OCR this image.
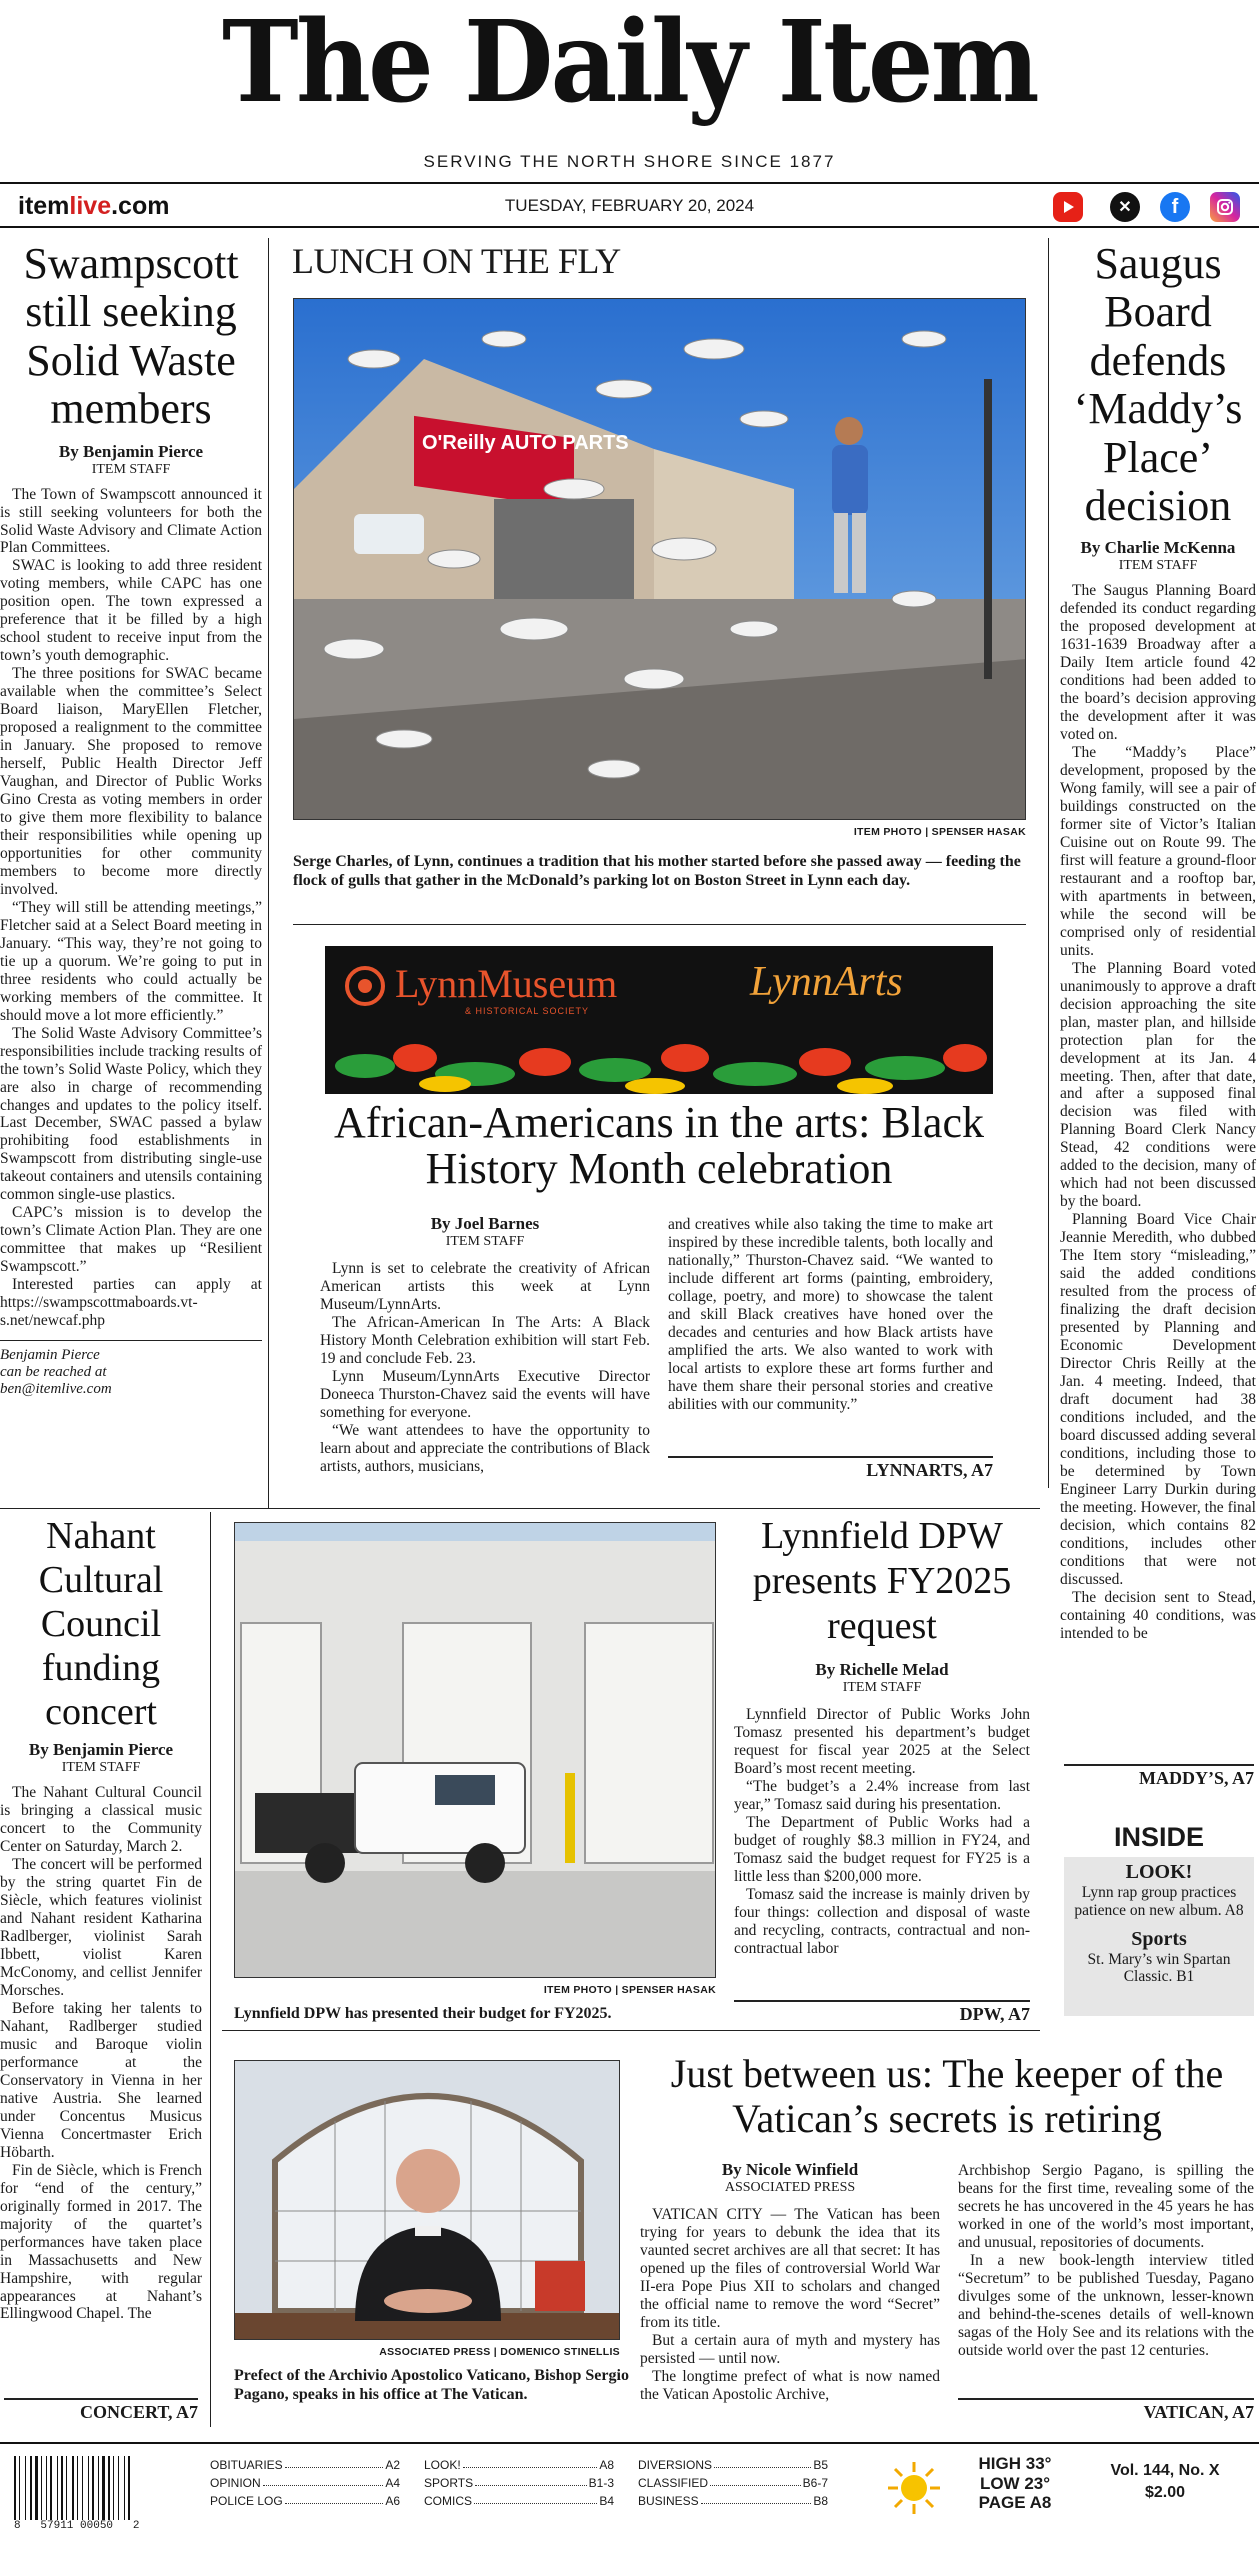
The Daily Item
SERVING THE NORTH SHORE SINCE 1877
itemlive.com	TUESDAY, FEBRUARY 20, 2024	✕	f
Swampscott still seeking Solid Waste members
By Benjamin Pierce
ITEM STAFF

The Town of Swampscott announced it is still seeking volunteers for both the Solid Waste Advisory and Climate Action Plan Committees.

SWAC is looking to add three resident voting members, while CAPC has one position open. The town expressed a preference that it be filled by a high school student to receive input from the town’s youth demographic.

The three positions for SWAC became available when the committee’s Select Board liaison, MaryEllen Fletcher, proposed a realignment to the committee in January. She proposed to remove herself, Public Health Director Jeff Vaughan, and Director of Public Works Gino Cresta as voting members in order to give them more flexibility to balance their responsibilities while opening up opportunities for other community members to become more directly involved.

“They will still be attending meetings,” Fletcher said at a Select Board meeting in January. “This way, they’re not going to tie up a quorum. We’re going to put in three residents who could actually be working members of the committee. It should move a lot more efficiently.”

The Solid Waste Advisory Committee’s responsibilities include tracking results of the town’s Solid Waste Policy, which they are also in charge of recommending changes and updates to the policy itself. Last December, SWAC passed a bylaw prohibiting food establishments in Swampscott from distributing single-use takeout containers and utensils containing common single-use plastics.

CAPC’s mission is to develop the town’s Climate Action Plan. They are one committee that makes up “Resilient Swampscott.”

Interested parties can apply at https://swampscottmaboards.vt-s.net/newcaf.php

Benjamin Pierce
can be reached at
ben@itemlive.com
LUNCH ON THE FLY
O'Reilly AUTO PARTS
ITEM PHOTO | SPENSER HASAK
Serge Charles, of Lynn, continues a tradition that his mother started before she passed away — feeding the flock of gulls that gather in the McDonald’s parking lot on Boston Street in Lynn each day.
LynnMuseum
& HISTORICAL SOCIETY
LynnArts
African-Americans in the arts: Black History Month celebration
By Joel Barnes
ITEM STAFF

Lynn is set to celebrate the creativity of African American artists this week at Lynn Museum/LynnArts.

The African-American In The Arts: A Black History Month Celebration exhibition will start Feb. 19 and conclude Feb. 23.

Lynn Museum/LynnArts Executive Director Doneeca Thurston-Chavez said the events will have something for everyone.

“We want attendees to have the opportunity to learn about and appreciate the contributions of Black artists, authors, musicians,

and creatives while also taking the time to make art inspired by these incredible talents, both locally and nationally,” Thurston-Chavez said. “We wanted to include different art forms (painting, embroidery, collage, poetry, and more) to showcase the talent and skill Black creatives have honed over the decades and centuries and how Black artists have amplified the arts. We also wanted to work with local artists to explore these art forms further and have them share their personal stories and creative abilities with our community.”

LYNNARTS, A7
Saugus Board defends ‘Maddy’s Place’ decision
By Charlie McKenna
ITEM STAFF

The Saugus Planning Board defended its conduct regarding the proposed development at 1631-1639 Broadway after a Daily Item article found 42 conditions had been added to the board’s decision approving the development after it was voted on.

The “Maddy’s Place” development, proposed by the Wong family, will see a pair of buildings constructed on the former site of Victor’s Italian Cuisine out on Route 99. The first will feature a ground-floor restaurant and a rooftop bar, with apartments in between, while the second will be comprised only of residential units.

The Planning Board voted unanimously to approve a draft decision approaching the site plan, master plan, and hillside protection plan for the development at its Jan. 4 meeting. Then, after that date, and after a supposed final decision was filed with Planning Board Clerk Nancy Stead, 42 conditions were added to the decision, many of which had not been discussed by the board.

Planning Board Vice Chair Jeannie Meredith, who dubbed The Item story “misleading,” said the added conditions resulted from the process of finalizing the draft decision presented by Planning and Economic Development Director Chris Reilly at the Jan. 4 meeting. Indeed, that draft document had 38 conditions included, and the board discussed adding several conditions, including those to be determined by Town Engineer Larry Durkin during the meeting. However, the final decision, which contains 82 conditions, includes other conditions that were not discussed.

The decision sent to Stead, containing 40 conditions, was intended to be

MADDY’S, A7
INSIDE
LOOK!
Lynn rap group practices patience on new album. A8
Sports
St. Mary’s win Spartan Classic. B1
Nahant Cultural Council funding concert
By Benjamin Pierce
ITEM STAFF

The Nahant Cultural Council is bringing a classical music concert to the Community Center on Saturday, March 2.

The concert will be performed by the string quartet Fin de Siècle, which features violinist and Nahant resident Katharina Radlberger, violinist Sarah Ibbett, violist Karen McConomy, and cellist Jennifer Morsches.

Before taking her talents to Nahant, Radlberger studied music and Baroque violin performance at the Conservatory in Vienna in her native Austria. She learned under Concentus Musicus Vienna Concertmaster Erich Höbarth.

Fin de Siècle, which is French for “end of the century,” originally formed in 2017. The majority of the quartet’s performances have taken place in Massachusetts and New Hampshire, with regular appearances at Nahant’s Ellingwood Chapel. The

CONCERT, A7
ITEM PHOTO | SPENSER HASAK
Lynnfield DPW has presented their budget for FY2025.
Lynnfield DPW presents FY2025 request
By Richelle Melad
ITEM STAFF

Lynnfield Director of Public Works John Tomasz presented his department’s budget request for fiscal year 2025 at the Select Board’s most recent meeting.

“The budget’s a 2.4% increase from last year,” Tomasz said during his presentation.

The Department of Public Works had a budget of roughly $8.3 million in FY24, and Tomasz said the budget request for FY25 is a little less than $200,000 more.

Tomasz said the increase is mainly driven by four things: collection and disposal of waste and recycling, contracts, contractual and non-contractual labor

DPW, A7
ASSOCIATED PRESS | DOMENICO STINELLIS
Prefect of the Archivio Apostolico Vaticano, Bishop Sergio Pagano, speaks in his office at The Vatican.
Just between us: The keeper of the Vatican’s secrets is retiring
By Nicole Winfield
ASSOCIATED PRESS

VATICAN CITY — The Vatican has been trying for years to debunk the idea that its vaunted secret archives are all that secret: It has opened up the files of controversial World War II-era Pope Pius XII to scholars and changed the official name to remove the word “Secret” from its title.

But a certain aura of myth and mystery has persisted — until now.

The longtime prefect of what is now named the Vatican Apostolic Archive,

Archbishop Sergio Pagano, is spilling the beans for the first time, revealing some of the secrets he has uncovered in the 45 years he has worked in one of the world’s most important, and unusual, repositories of documents.

In a new book-length interview titled “Secretum” to be published Tuesday, Pagano divulges some of the unknown, lesser-known and behind-the-scenes details of well-known sagas of the Holy See and its relations with the outside world over the past 12 centuries.

VATICAN, A7
8   57911 00050   2
OBITUARIES	A2
OPINION	A4
POLICE LOG	A6
LOOK!	A8
SPORTS	B1-3
COMICS	B4
DIVERSIONS	B5
CLASSIFIED	B6-7
BUSINESS	B8
HIGH 33°
LOW 23°
PAGE A8
Vol. 144, No. X
$2.00
